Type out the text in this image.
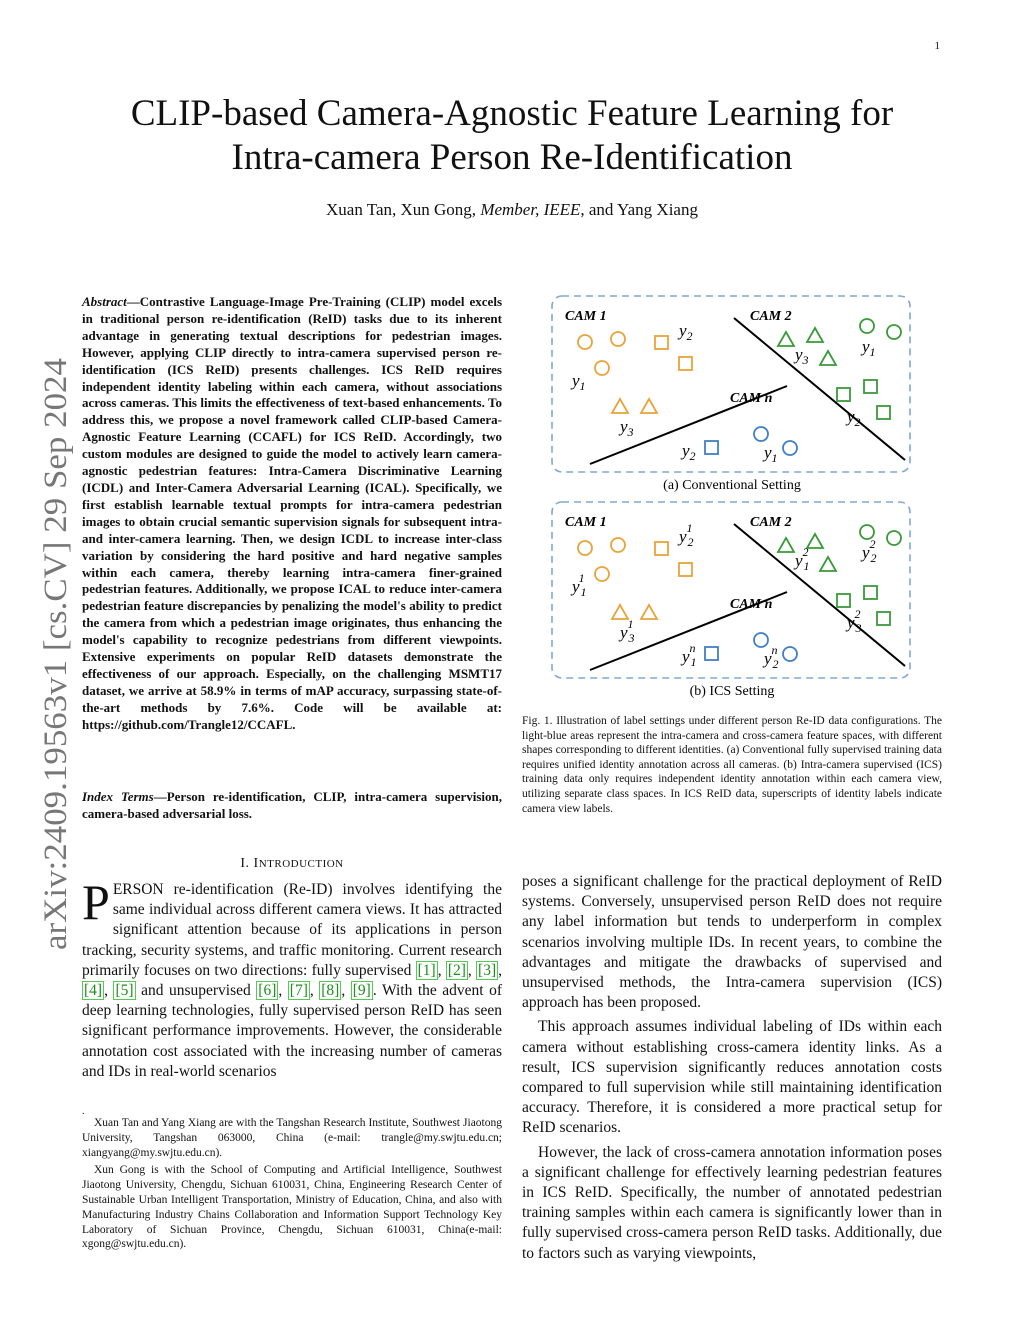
1
arXiv:2409.19563v1 [cs.CV] 29 Sep 2024
CLIP-based Camera-Agnostic Feature Learning for
Intra-camera Person Re-Identification
Xuan Tan, Xun Gong, Member, IEEE, and Yang Xiang
Abstract—Contrastive Language-Image Pre-Training (CLIP) model excels in traditional person re-identification (ReID) tasks due to its inherent advantage in generating textual descriptions for pedestrian images. However, applying CLIP directly to intra-camera supervised person re-identification (ICS ReID) presents challenges. ICS ReID requires independent identity labeling within each camera, without associations across cameras. This limits the effectiveness of text-based enhancements. To address this, we propose a novel framework called CLIP-based Camera-Agnostic Feature Learning (CCAFL) for ICS ReID. Accordingly, two custom modules are designed to guide the model to actively learn camera-agnostic pedestrian features: Intra-Camera Discriminative Learning (ICDL) and Inter-Camera Adversarial Learning (ICAL). Specifically, we first establish learnable textual prompts for intra-camera pedestrian images to obtain crucial semantic supervision signals for subsequent intra- and inter-camera learning. Then, we design ICDL to increase inter-class variation by considering the hard positive and hard negative samples within each camera, thereby learning intra-camera finer-grained pedestrian features. Additionally, we propose ICAL to reduce inter-camera pedestrian feature discrepancies by penalizing the model's ability to predict the camera from which a pedestrian image originates, thus enhancing the model's capability to recognize pedestrians from different viewpoints. Extensive experiments on popular ReID datasets demonstrate the effectiveness of our approach. Especially, on the challenging MSMT17 dataset, we arrive at 58.9% in terms of mAP accuracy, surpassing state-of-the-art methods by 7.6%. Code will be available at: https://github.com/Trangle12/CCAFL.
Index Terms—Person re-identification, CLIP, intra-camera supervision, camera-based adversarial loss.
I. INTRODUCTION
PERSON re-identification (Re-ID) involves identifying the same individual across different camera views. It has attracted significant attention because of its applications in person tracking, security systems, and traffic monitoring. Current research primarily focuses on two directions: fully supervised [1] , [2] , [3] , [4] , [5] and unsupervised [6] , [7] , [8] , [9] . With the advent of deep learning technologies, fully supervised person ReID has seen significant performance improvements. However, the considerable annotation cost associated with the increasing number of cameras and IDs in real-world scenarios
.

Xuan Tan and Yang Xiang are with the Tangshan Research Institute, Southwest Jiaotong University, Tangshan 063000, China (e-mail: trangle@my.swjtu.edu.cn; xiangyang@my.swjtu.edu.cn).

Xun Gong is with the School of Computing and Artificial Intelligence, Southwest Jiaotong University, Chengdu, Sichuan 610031, China, Engineering Research Center of Sustainable Urban Intelligent Transportation, Ministry of Education, China, and also with Manufacturing Industry Chains Collaboration and Information Support Technology Key Laboratory of Sichuan Province, Chengdu, Sichuan 610031, China(e-mail: xgong@swjtu.edu.cn).

CAM 1	CAM 2
CAM n
$y_2$
$y_1$
$y_3$
$y_3$
$y_1$
$y_2$
$y_2$	$y_1$
(a) Conventional Setting
CAM 1	CAM 2
CAM n
$y_21$
$y_11$
$y_31$
$y_12$	$y_22$
$y_32$
$y_1n$
$y_2n$
(b) ICS Setting
Fig. 1. Illustration of label settings under different person Re-ID data configurations. The light-blue areas represent the intra-camera and cross-camera feature spaces, with different shapes corresponding to different identities. (a) Conventional fully supervised training data requires unified identity annotation across all cameras. (b) Intra-camera supervised (ICS) training data only requires independent identity annotation within each camera view, utilizing separate class spaces. In ICS ReID data, superscripts of identity labels indicate camera view labels.

poses a significant challenge for the practical deployment of ReID systems. Conversely, unsupervised person ReID does not require any label information but tends to underperform in complex scenarios involving multiple IDs. In recent years, to combine the advantages and mitigate the drawbacks of supervised and unsupervised methods, the Intra-camera supervision (ICS) approach has been proposed.

This approach assumes individual labeling of IDs within each camera without establishing cross-camera identity links. As a result, ICS supervision significantly reduces annotation costs compared to full supervision while still maintaining identification accuracy. Therefore, it is considered a more practical setup for ReID scenarios.

However, the lack of cross-camera annotation information poses a significant challenge for effectively learning pedestrian features in ICS ReID. Specifically, the number of annotated pedestrian training samples within each camera is significantly lower than in fully supervised cross-camera person ReID tasks. Additionally, due to factors such as varying viewpoints,
